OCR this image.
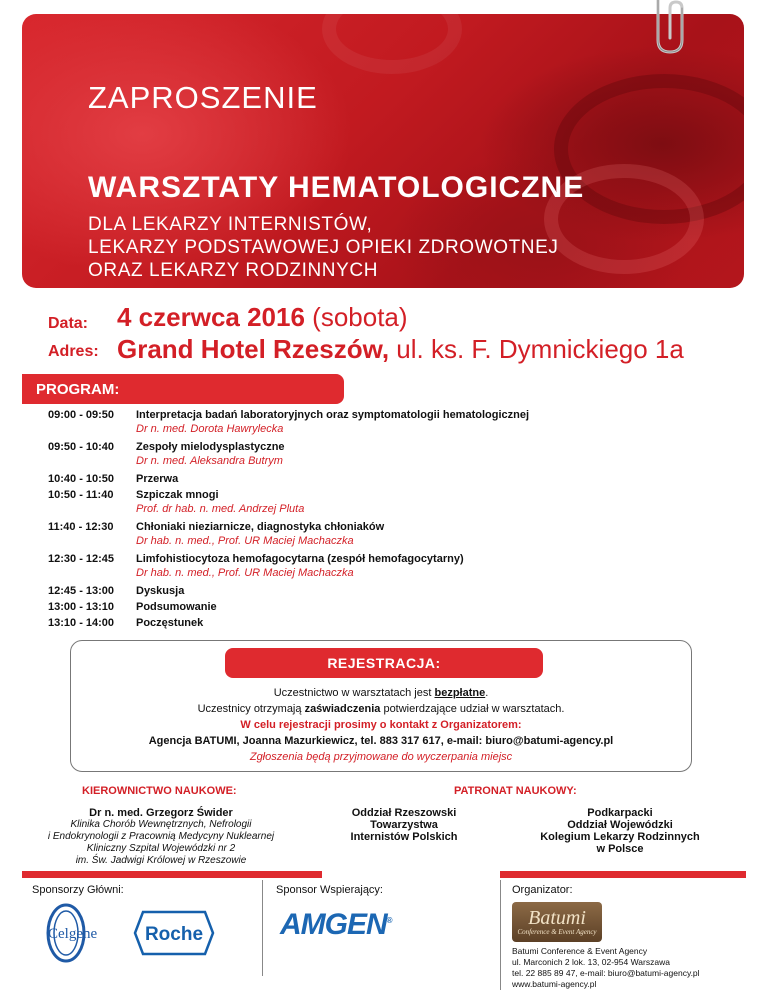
ZAPROSZENIE
WARSZTATY HEMATOLOGICZNE
DLA LEKARZY INTERNISTÓW,
LEKARZY PODSTAWOWEJ OPIEKI ZDROWOTNEJ
ORAZ LEKARZY RODZINNYCH
Data: 4 czerwca 2016 (sobota)
Adres: Grand Hotel Rzeszów, ul. ks. F. Dymnickiego 1a
PROGRAM:
09:00 - 09:50	Interpretacja badań laboratoryjnych oraz symptomatologii hematologicznej
Dr n. med. Dorota Hawrylecka
09:50 - 10:40	Zespoły mielodysplastyczne
Dr n. med. Aleksandra Butrym
10:40 - 10:50	Przerwa
10:50 - 11:40	Szpiczak mnogi
Prof. dr hab. n. med. Andrzej Pluta
11:40 - 12:30	Chłoniaki nieziarnicze, diagnostyka chłoniaków
Dr hab. n. med., Prof. UR Maciej Machaczka
12:30 - 12:45	Limfohistiocytoza hemofagocytarna (zespół hemofagocytarny)
Dr hab. n. med., Prof. UR Maciej Machaczka
12:45 - 13:00	Dyskusja
13:00 - 13:10	Podsumowanie
13:10 - 14:00	Poczęstunek
REJESTRACJA:
Uczestnictwo w warsztatach jest bezpłatne.
Uczestnicy otrzymają zaświadczenia potwierdzające udział w warsztatach.
W celu rejestracji prosimy o kontakt z Organizatorem:
Agencja BATUMI, Joanna Mazurkiewicz, tel. 883 317 617, e-mail: biuro@batumi-agency.pl
Zgłoszenia będą przyjmowane do wyczerpania miejsc
KIEROWNICTWO NAUKOWE:
Dr n. med. Grzegorz Świder
Klinika Chorób Wewnętrznych, Nefrologii
i Endokrynologii z Pracownią Medycyny Nuklearnej
Kliniczny Szpital Wojewódzki nr 2
im. Św. Jadwigi Królowej w Rzeszowie
PATRONAT NAUKOWY:
Oddział Rzeszowski
Towarzystwa
Internistów Polskich
Podkarpacki
Oddział Wojewódzki
Kolegium Lekarzy Rodzinnych
w Polsce
Sponsorzy Główni:	Sponsor Wspierający:	Organizator:
Celgene	Roche	AMGEN®	Batumi
Conference & Event Agency
Batumi Conference & Event Agency
ul. Marconich 2 lok. 13, 02-954 Warszawa
tel. 22 885 89 47, e-mail: biuro@batumi-agency.pl
www.batumi-agency.pl
